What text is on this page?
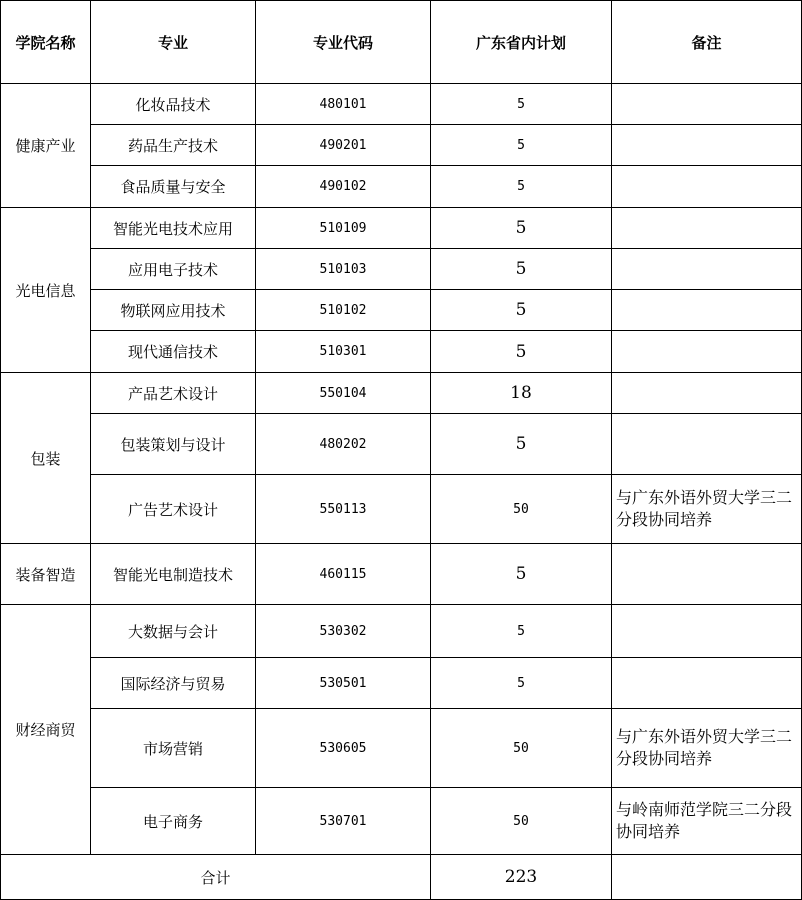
学院名称	专业	专业代码	广东省内计划	备注
健康产业	化妆品技术	480101	5	
	药品生产技术	490201	5	
	食品质量与安全	490102	5	
光电信息	智能光电技术应用	510109	5	
	应用电子技术	510103	5	
	物联网应用技术	510102	5	
	现代通信技术	510301	5	
包装	产品艺术设计	550104	18	
	包装策划与设计	480202	5	
	广告艺术设计	550113	50	与广东外语外贸大学三二分段协同培养
装备智造	智能光电制造技术	460115	5	
财经商贸	大数据与会计	530302	5	
	国际经济与贸易	530501	5	
	市场营销	530605	50	与广东外语外贸大学三二分段协同培养
	电子商务	530701	50	与岭南师范学院三二分段协同培养
合计			223	
